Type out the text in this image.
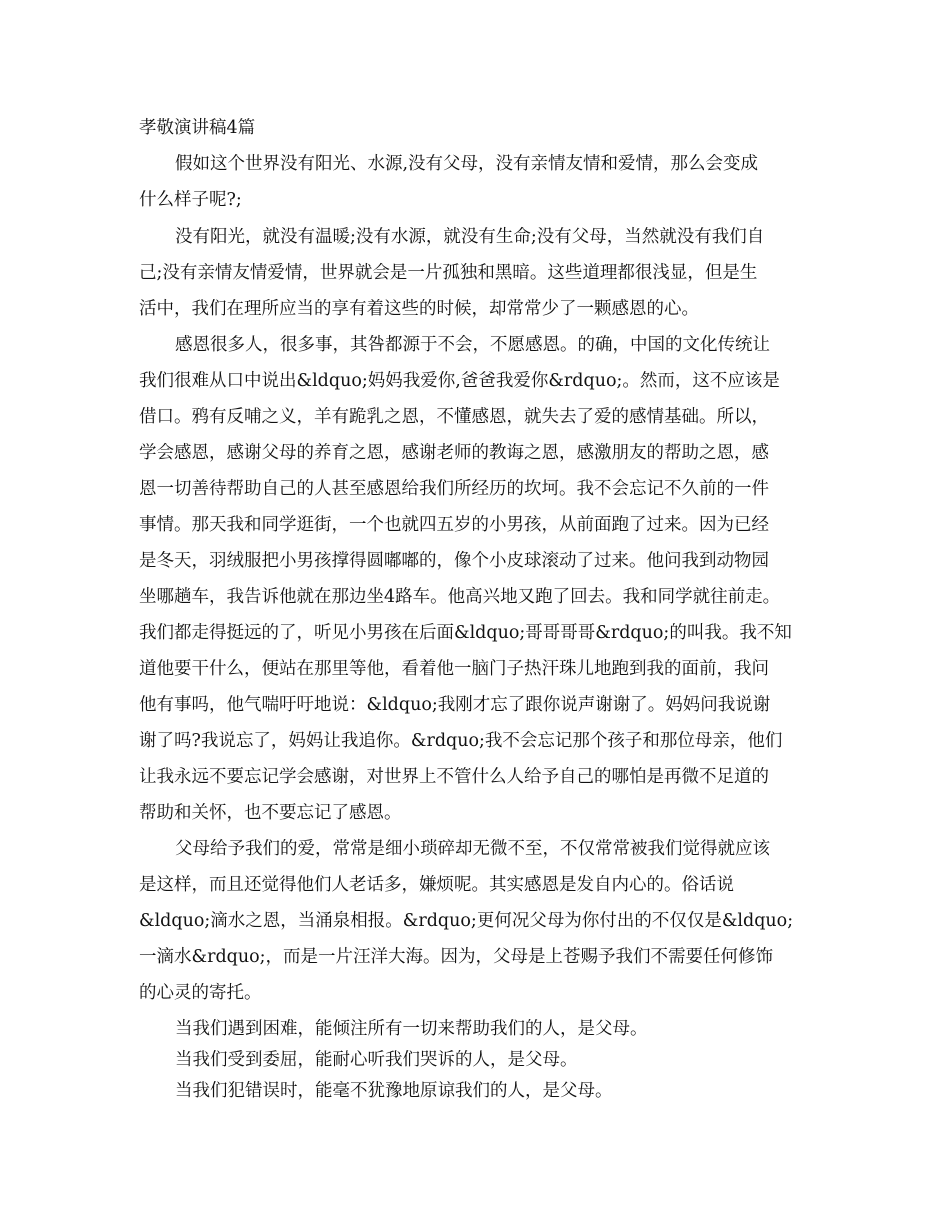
孝敬演讲稿4篇
假如这个世界没有阳光、水源,没有父母，没有亲情友情和爱情，那么会变成
什么样子呢?;
没有阳光，就没有温暖;没有水源，就没有生命;没有父母，当然就没有我们自
己;没有亲情友情爱情，世界就会是一片孤独和黑暗。这些道理都很浅显，但是生
活中，我们在理所应当的享有着这些的时候，却常常少了一颗感恩的心。
感恩很多人，很多事，其咎都源于不会，不愿感恩。的确，中国的文化传统让
我们很难从口中说出&ldquo;妈妈我爱你,爸爸我爱你&rdquo;。然而，这不应该是
借口。鸦有反哺之义，羊有跪乳之恩，不懂感恩，就失去了爱的感情基础。所以，
学会感恩，感谢父母的养育之恩，感谢老师的教诲之恩，感激朋友的帮助之恩，感
恩一切善待帮助自己的人甚至感恩给我们所经历的坎坷。我不会忘记不久前的一件
事情。那天我和同学逛街，一个也就四五岁的小男孩，从前面跑了过来。因为已经
是冬天，羽绒服把小男孩撑得圆嘟嘟的，像个小皮球滚动了过来。他问我到动物园
坐哪趟车，我告诉他就在那边坐4路车。他高兴地又跑了回去。我和同学就往前走。
我们都走得挺远的了，听见小男孩在后面&ldquo;哥哥哥哥&rdquo;的叫我。我不知
道他要干什么，便站在那里等他，看着他一脑门子热汗珠儿地跑到我的面前，我问
他有事吗，他气喘吁吁地说：&ldquo;我刚才忘了跟你说声谢谢了。妈妈问我说谢
谢了吗?我说忘了，妈妈让我追你。&rdquo;我不会忘记那个孩子和那位母亲，他们
让我永远不要忘记学会感谢，对世界上不管什么人给予自己的哪怕是再微不足道的
帮助和关怀，也不要忘记了感恩。
父母给予我们的爱，常常是细小琐碎却无微不至，不仅常常被我们觉得就应该
是这样，而且还觉得他们人老话多，嫌烦呢。其实感恩是发自内心的。俗话说
&ldquo;滴水之恩，当涌泉相报。&rdquo;更何况父母为你付出的不仅仅是&ldquo;
一滴水&rdquo;，而是一片汪洋大海。因为，父母是上苍赐予我们不需要任何修饰
的心灵的寄托。
当我们遇到困难，能倾注所有一切来帮助我们的人，是父母。
当我们受到委屈，能耐心听我们哭诉的人，是父母。
当我们犯错误时，能毫不犹豫地原谅我们的人，是父母。
